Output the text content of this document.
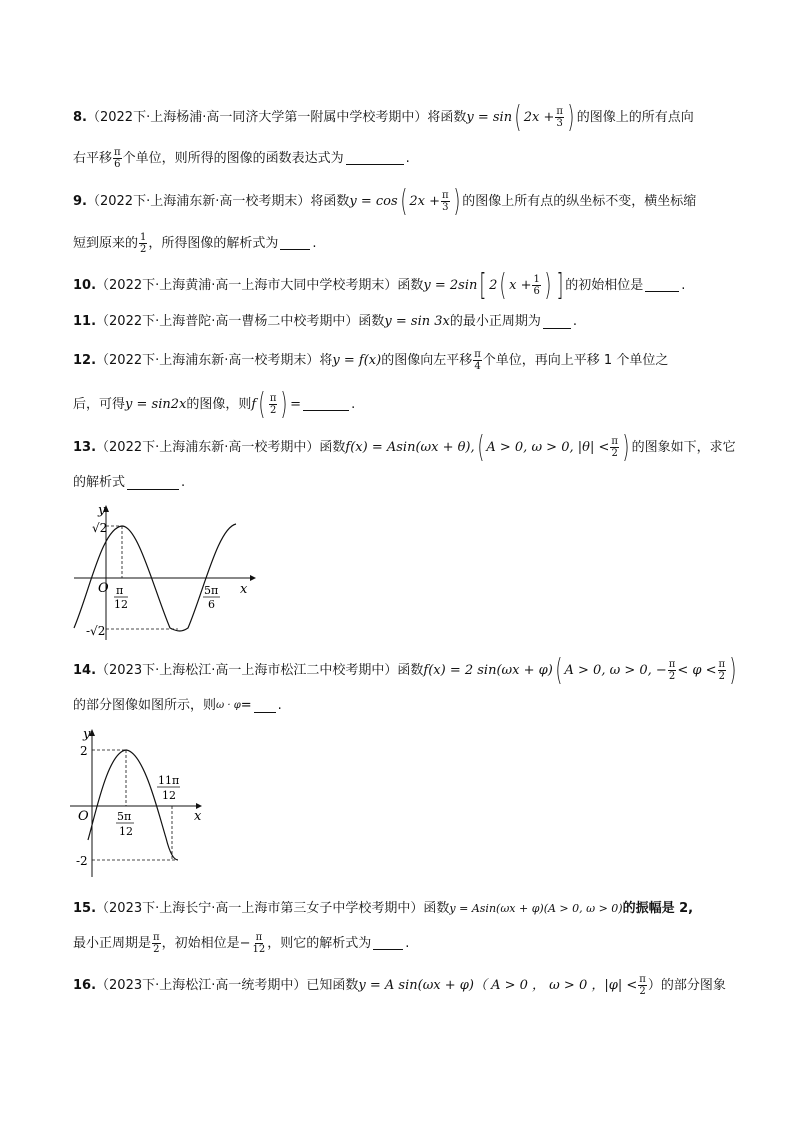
8. （2022下·上海杨浦·高一同济大学第一附属中学校考期中） 将函数 y = sin ( $2x + \frac{\pi}{3}$ ) 的图像上的所有点向
右平移 π
6 个单位，则所得的图像的函数表达式为	.
9. （2022下·上海浦东新·高一校考期末） 将函数 y = cos ( $2x + \frac{\pi}{3}$ ) 的图像上所有点的纵坐标不变，横坐标缩
短到原来的 1
2 ，所得图像的解析式为	.
10. （2022下·上海黄浦·高一上海市大同中学校考期末） 函数 y = 2sin [ 2 ( $x + \frac{1}{6}$ ) ] 的初始相位是	.
11. （2022下·上海普陀·高一曹杨二中校考期中） 函数 y = sin 3x 的最小正周期为 .
12. （2022下·上海浦东新·高一校考期末） 将 y = f(x) 的图像向左平移 π
4 个单位，再向上平移 1 个单位之
后，可得 y = sin2x 的图像，则 f ( π
2 ) =	.
13. （2022下·上海浦东新·高一校考期中） 函数 f(x) = Asin(ωx + θ), ( A > 0, ω > 0, |θ| < π
2 ) 的图象如下，求它
的解析式	.
x
y
O
√2
-√2
π
12
5π
6
14. （2023下·上海松江·高一上海市松江二中校考期中） 函数 f(x) = 2 sin(ωx + φ) ( A > 0, ω > 0, − $\frac{\pi}{2} < \varphi < \pi$
2 )
的部分图像如图所示，则 ω · φ = .
x
y
O
2
-2
5π
12
11π
12
15. （2023下·上海长宁·高一上海市第三女子中学校考期中） 函数 y = Asin(ωx + φ)(A > 0, ω > 0) 的振幅是 2,
最小正周期是 π
2 ，初始相位是 − $\frac{\pi}{12}$ ，则它的解析式为	.
16. （2023下·上海松江·高一统考期中） 已知函数 y = A sin(ωx + φ) （ A > 0 ， ω > 0 ， |φ| < π
2 ）的部分图象
